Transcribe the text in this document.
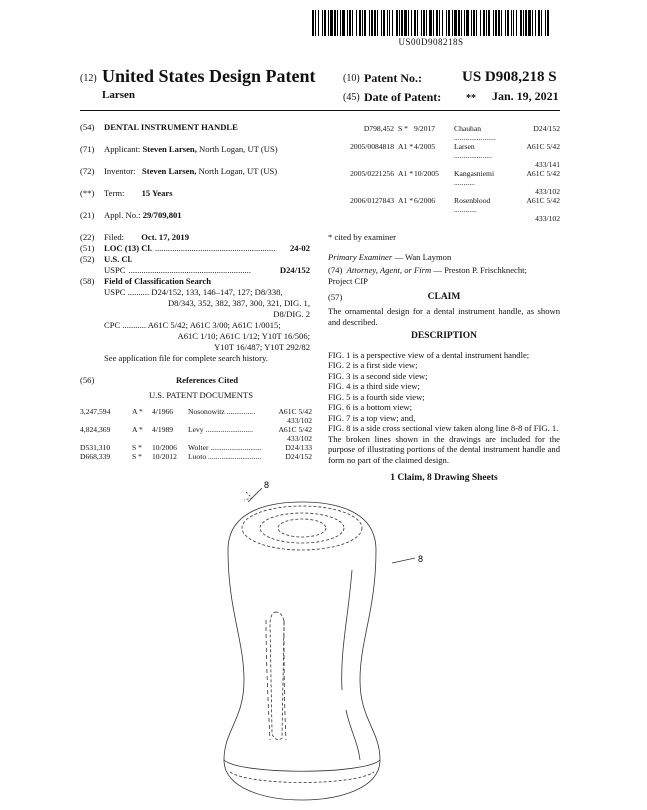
US00D908218S
(12) United States Design Patent
Larsen
(10) Patent No.:	US D908,218 S
(45) Date of Patent: ** Jan. 19, 2021
(54) DENTAL INSTRUMENT HANDLE
(71) Applicant: Steven Larsen, North Logan, UT (US)
(72) Inventor: Steven Larsen, North Logan, UT (US)
(**) Term: 15 Years
(21) Appl. No.: 29/709,801
(22) Filed: Oct. 17, 2019
(51) LOC (13) Cl. ........................................................	24-02
(52) U.S. Cl.
USPC .........................................................	D24/152
(58) Field of Classification Search
USPC .......... D24/152, 133, 146–147, 127; D8/338,

D8/343, 352, 382, 387, 300, 321, DIG. 1,
D8/DIG. 2
CPC ........... A61C 5/42; A61C 3/00; A61C 1/0015;
A61C 1/10; A61C 1/12; Y10T 16/506;
Y10T 16/487; Y10T 292/82
See application file for complete search history.
(56)	References Cited
U.S. PATENT DOCUMENTS
3,247,594	A *	4/1966	Nosonowitz ...............	A61C 5/42
433/102
4,824,369	A *	4/1989	Levy .........................	A61C 5/42
433/102
D531,310	S *	10/2006	Wolter ...........................	D24/133
D668,339	S *	10/2012	Luoto ............................	D24/152
D798,452 S * 9/2017	Chauhan ......................
D24/152
2005/0084818 A1 * 4/2005	Larsen ....................
A61C 5/42
433/141
2005/0221256 A1 * 10/2005	Kangasniemi ...........
A61C 5/42
433/102
2006/0127843 A1 * 6/2006	Rosenblood ............
A61C 5/42
433/102
* cited by examiner
Primary Examiner — Wan Laymon
(74) Attorney, Agent, or Firm — Preston P. Frischknecht;
Project CIP
(57)	CLAIM
The ornamental design for a dental instrument handle, as shown and described.
DESCRIPTION
FIG. 1 is a perspective view of a dental instrument handle;
FIG. 2 is a first side view;
FIG. 3 is a second side view;
FIG. 4 is a third side view;
FIG. 5 is a fourth side view;
FIG. 6 is a bottom view;
FIG. 7 is a top view; and,
FIG. 8 is a side cross sectional view taken along line 8-8 of FIG. 1.
The broken lines shown in the drawings are included for the purpose of illustrating portions of the dental instrument handle and form no part of the claimed design.
1 Claim, 8 Drawing Sheets
8
8
